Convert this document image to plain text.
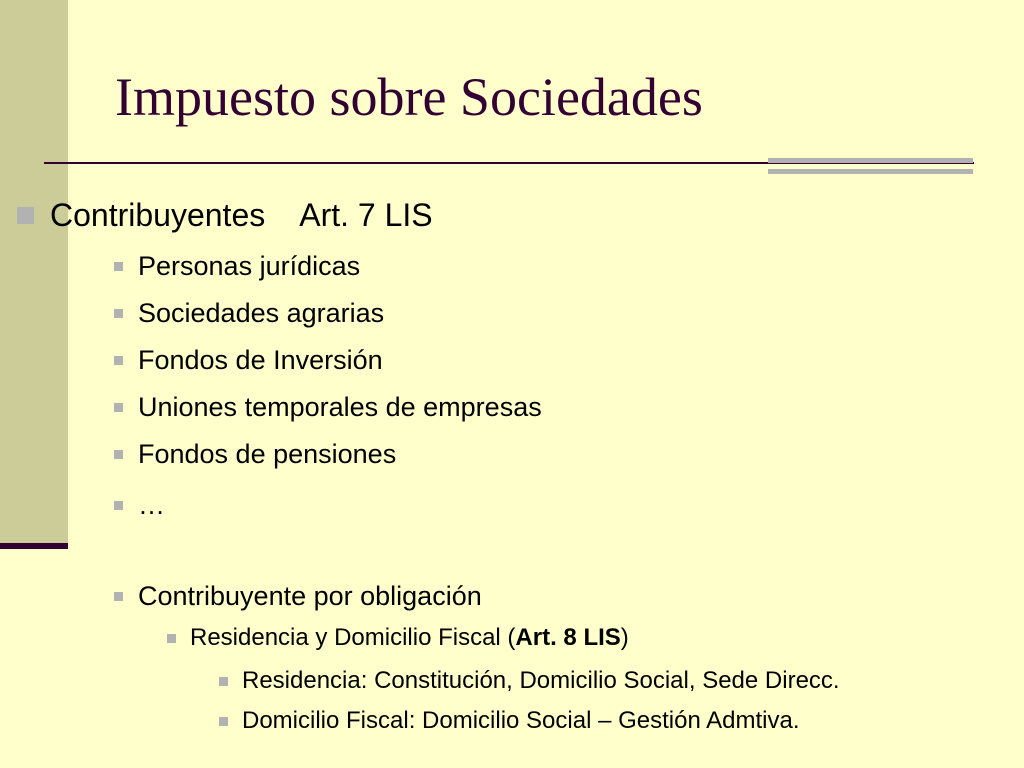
Impuesto sobre Sociedades
Contribuyentes Art. 7 LIS
Personas jurídicas
Sociedades agrarias
Fondos de Inversión
Uniones temporales de empresas
Fondos de pensiones
…
Contribuyente por obligación
Residencia y Domicilio Fiscal (Art. 8 LIS)
Residencia: Constitución, Domicilio Social, Sede Direcc.
Domicilio Fiscal: Domicilio Social – Gestión Admtiva.
